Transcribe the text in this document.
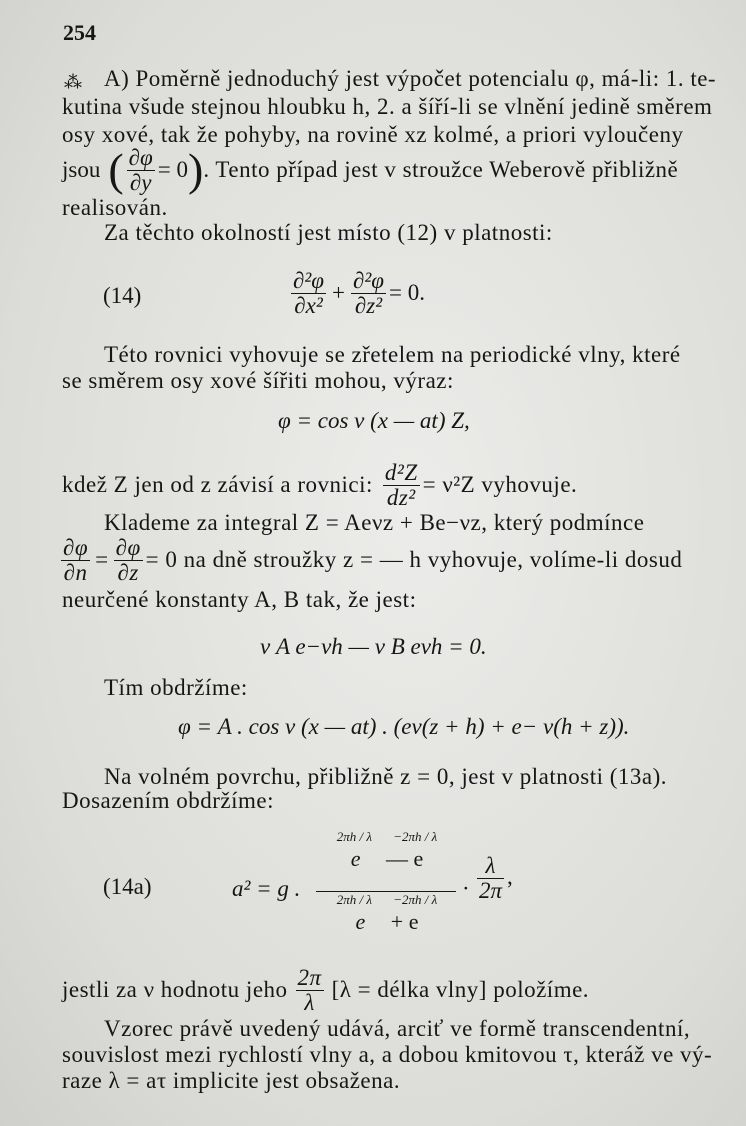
254
⁂ A) Poměrně jednoduchý jest výpočet potencialu φ, má-li: 1. te-
kutina všude stejnou hloubku h, 2. a šíří-li se vlnění jedině směrem
osy xové, tak že pohyby, na rovině xz kolmé, a priori vyloučeny
jsou ( $\frac{\partial\varphi}{\partial y} = 0$ ) . Tento případ jest v stroužce Weberově přibližně
realisován.
Za těchto okolností jest místo (12) v platnosti:
(14)	$\frac{\text{∂²φ}}{\text{∂x²}} + \frac{\text{∂²φ}}{\text{∂z²}} = 0$.
Této rovnici vyhovuje se zřetelem na periodické vlny, které
se směrem osy xové šířiti mohou, výraz:
φ = cos ν (x — at) Z,
kdež Z jen od z závisí a rovnici: $\frac{\text{d²Z}}{\text{dz²}} = \nu^2Z$ vyhovuje.
Klademe za integral Z = Aeνz + Be−νz, který podmínce
$\frac{\partial\varphi}{\partial n} = \frac{\partial\varphi}{\partial z} = 0$ na dně stroužky z = — h vyhovuje, volíme-li dosud
neurčené konstanty A, B tak, že jest:
ν A e−νh — ν B eνh = 0.
Tím obdržíme:
φ = A . cos ν (x — at) . (eν(z + h) + e− ν(h + z)).
Na volném povrchu, přibližně z = 0, jest v platnosti (13a).
Dosazením obdržíme:
(14a)	a² = g .
2πh / λ −2πh / λ
e — e
2πh / λ −2πh / λ
e + e
· $\frac{\lambda}{2\pi}$ ,
jestli za ν hodnotu jeho $\frac{2\pi}{\lambda} [\lambda$ = délka vlny] položíme.
Vzorec právě uvedený udává, arciť ve formě transcendentní,
souvislost mezi rychlostí vlny a, a dobou kmitovou τ, kteráž ve vý-
raze λ = aτ implicite jest obsažena.
